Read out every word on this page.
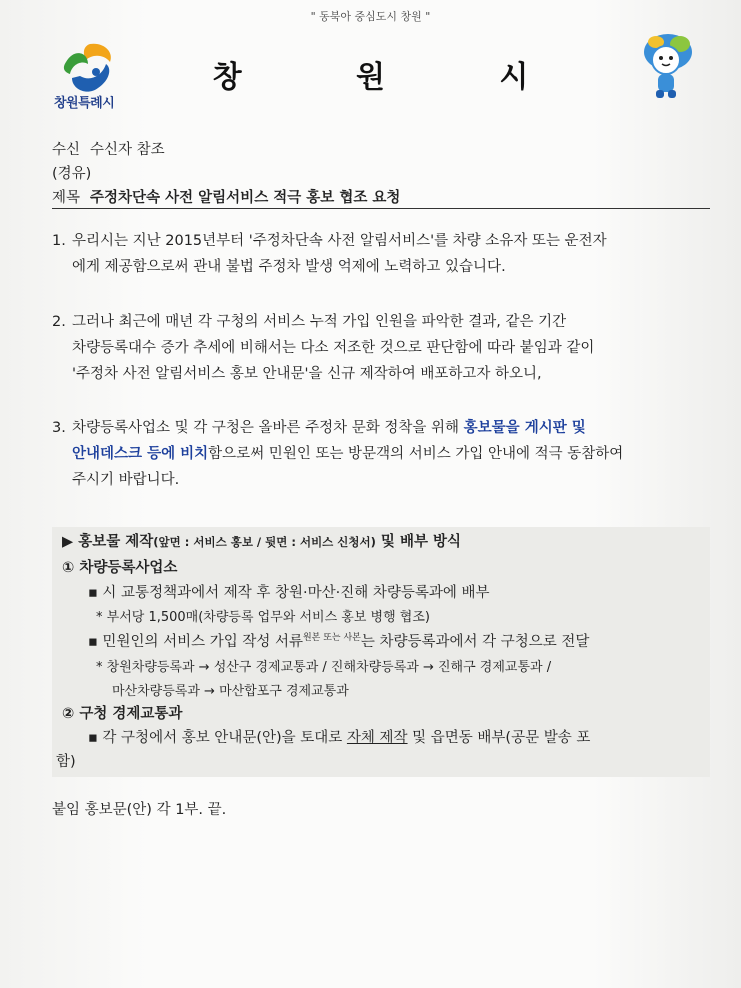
" 동북아 중심도시 창원 "
창원특례시
창 원 시
수신 수신자 참조
(경유)
제목 주정차단속 사전 알림서비스 적극 홍보 협조 요청
1. 우리시는 지난 2015년부터 '주정차단속 사전 알림서비스'를 차량 소유자 또는 운전자
에게 제공함으로써 관내 불법 주정차 발생 억제에 노력하고 있습니다.
2. 그러나 최근에 매년 각 구청의 서비스 누적 가입 인원을 파악한 결과, 같은 기간
차량등록대수 증가 추세에 비해서는 다소 저조한 것으로 판단함에 따라 붙임과 같이
'주정차 사전 알림서비스 홍보 안내문'을 신규 제작하여 배포하고자 하오니,
3. 차량등록사업소 및 각 구청은 올바른 주정차 문화 정착을 위해 홍보물을 게시판 및
안내데스크 등에 비치함으로써 민원인 또는 방문객의 서비스 가입 안내에 적극 동참하여
주시기 바랍니다.
▶ 홍보물 제작(앞면 : 서비스 홍보 / 뒷면 : 서비스 신청서) 및 배부 방식
① 차량등록사업소
▪ 시 교통정책과에서 제작 후 창원·마산·진해 차량등록과에 배부
* 부서당 1,500매(차량등록 업무와 서비스 홍보 병행 협조)
▪ 민원인의 서비스 가입 작성 서류$^{원본 또는 사본}$는 차량등록과에서 각 구청으로 전달
* 창원차량등록과 → 성산구 경제교통과 / 진해차량등록과 → 진해구 경제교통과 /
마산차량등록과 → 마산합포구 경제교통과
② 구청 경제교통과
▪ 각 구청에서 홍보 안내문(안)을 토대로 자체 제작 및 읍면동 배부(공문 발송 포
함)
붙임 홍보문(안) 각 1부. 끝.
